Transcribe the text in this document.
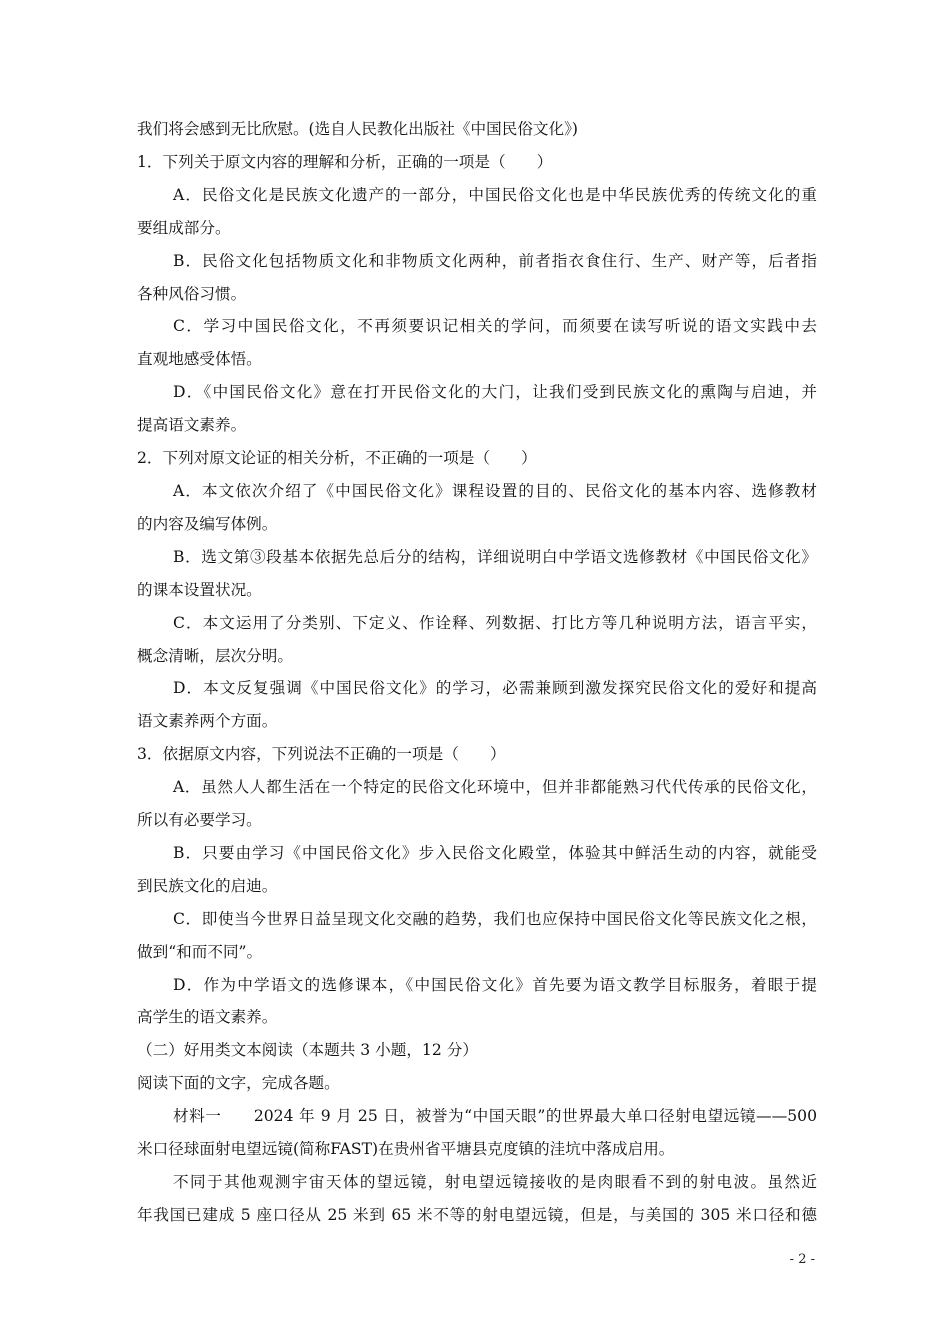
我们将会感到无比欣慰。(选自人民教化出版社《中国民俗文化》)

1．下列关于原文内容的理解和分析，正确的一项是（　　）

A．民俗文化是民族文化遗产的一部分，中国民俗文化也是中华民族优秀的传统文化的重

要组成部分。

B．民俗文化包括物质文化和非物质文化两种，前者指衣食住行、生产、财产等，后者指

各种风俗习惯。

C．学习中国民俗文化，不再须要识记相关的学问，而须要在读写听说的语文实践中去

直观地感受体悟。

D．《中国民俗文化》意在打开民俗文化的大门，让我们受到民族文化的熏陶与启迪，并

提高语文素养。

2．下列对原文论证的相关分析，不正确的一项是（　　）

A．本文依次介绍了《中国民俗文化》课程设置的目的、民俗文化的基本内容、选修教材

的内容及编写体例。

B．选文第③段基本依据先总后分的结构，详细说明白中学语文选修教材《中国民俗文化》

的课本设置状况。

C．本文运用了分类别、下定义、作诠释、列数据、打比方等几种说明方法，语言平实，

概念清晰，层次分明。

D．本文反复强调《中国民俗文化》的学习，必需兼顾到激发探究民俗文化的爱好和提高

语文素养两个方面。

3．依据原文内容，下列说法不正确的一项是（　　）

A．虽然人人都生活在一个特定的民俗文化环境中，但并非都能熟习代代传承的民俗文化，

所以有必要学习。

B．只要由学习《中国民俗文化》步入民俗文化殿堂，体验其中鲜活生动的内容，就能受

到民族文化的启迪。

C．即使当今世界日益呈现文化交融的趋势，我们也应保持中国民俗文化等民族文化之根，

做到“和而不同”。

D．作为中学语文的选修课本，《中国民俗文化》首先要为语文教学目标服务，着眼于提

高学生的语文素养。

（二）好用类文本阅读（本题共 3 小题，12 分）

阅读下面的文字，完成各题。

材料一　　2024 年 9 月 25 日，被誉为“中国天眼”的世界最大单口径射电望远镜——500

米口径球面射电望远镜(简称FAST)在贵州省平塘县克度镇的洼坑中落成启用。

不同于其他观测宇宙天体的望远镜，射电望远镜接收的是肉眼看不到的射电波。虽然近

年我国已建成 5 座口径从 25 米到 65 米不等的射电望远镜，但是，与美国的 305 米口径和德

- 2 -
